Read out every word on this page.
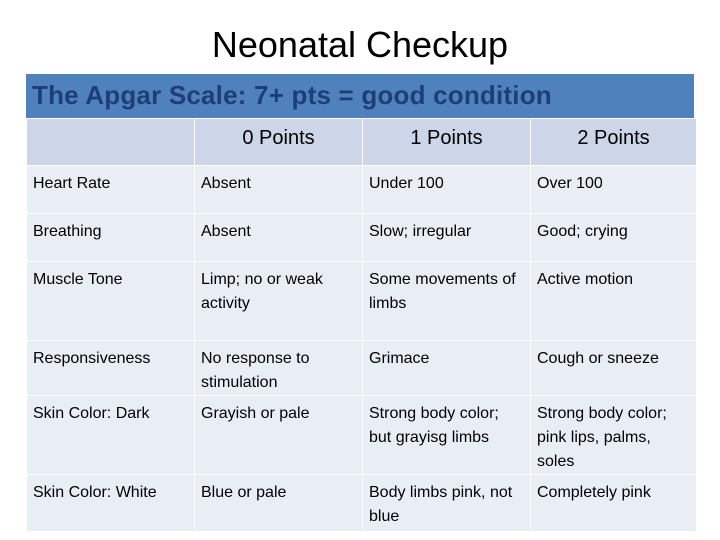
Neonatal Checkup
The Apgar Scale: 7+ pts = good condition
	0 Points	1 Points	2 Points
Heart Rate	Absent	Under 100	Over 100
Breathing	Absent	Slow; irregular	Good; crying
Muscle Tone	Limp; no or weak activity	Some movements of limbs	Active motion
Responsiveness	No response to stimulation	Grimace	Cough or sneeze
Skin Color: Dark	Grayish or pale	Strong body color; but grayisg limbs	Strong body color; pink lips, palms, soles
Skin Color: White	Blue or pale	Body limbs pink, not blue	Completely pink
